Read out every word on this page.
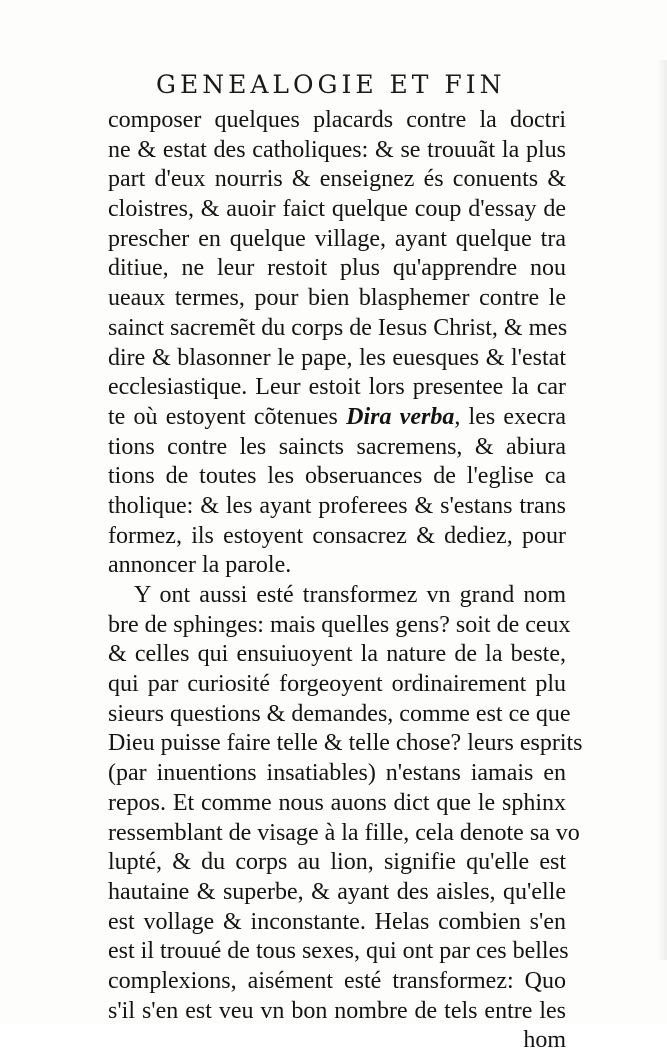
GENEALOGIE ET FIN
composer quelques placards contre la doctri
ne & estat des catholiques: & se trouuãt la plus
part d'eux nourris & enseignez és conuents &
cloistres, & auoir faict quelque coup d'essay de
prescher en quelque village, ayant quelque tra
ditiue, ne leur restoit plus qu'apprendre nou
ueaux termes, pour bien blasphemer contre le
sainct sacremẽt du corps de Iesus Christ, & mes
dire & blasonner le pape, les euesques & l'estat
ecclesiastique. Leur estoit lors presentee la car
te où estoyent cõtenues Dira verba, les execra
tions contre les saincts sacremens, & abiura
tions de toutes les obseruances de l'eglise ca
tholique: & les ayant proferees & s'estans trans
formez, ils estoyent consacrez & dediez, pour
annoncer la parole.
Y ont aussi esté transformez vn grand nom
bre de sphinges: mais quelles gens? soit de ceux
& celles qui ensuiuoyent la nature de la beste,
qui par curiosité forgeoyent ordinairement plu
sieurs questions & demandes, comme est ce que
Dieu puisse faire telle & telle chose? leurs esprits
(par inuentions insatiables) n'estans iamais en
repos. Et comme nous auons dict que le sphinx
ressemblant de visage à la fille, cela denote sa vo
lupté, & du corps au lion, signifie qu'elle est
hautaine & superbe, & ayant des aisles, qu'elle
est vollage & inconstante. Helas combien s'en
est il trouué de tous sexes, qui ont par ces belles
complexions, aisément esté transformez: Quo
s'il s'en est veu vn bon nombre de tels entre les
hom
